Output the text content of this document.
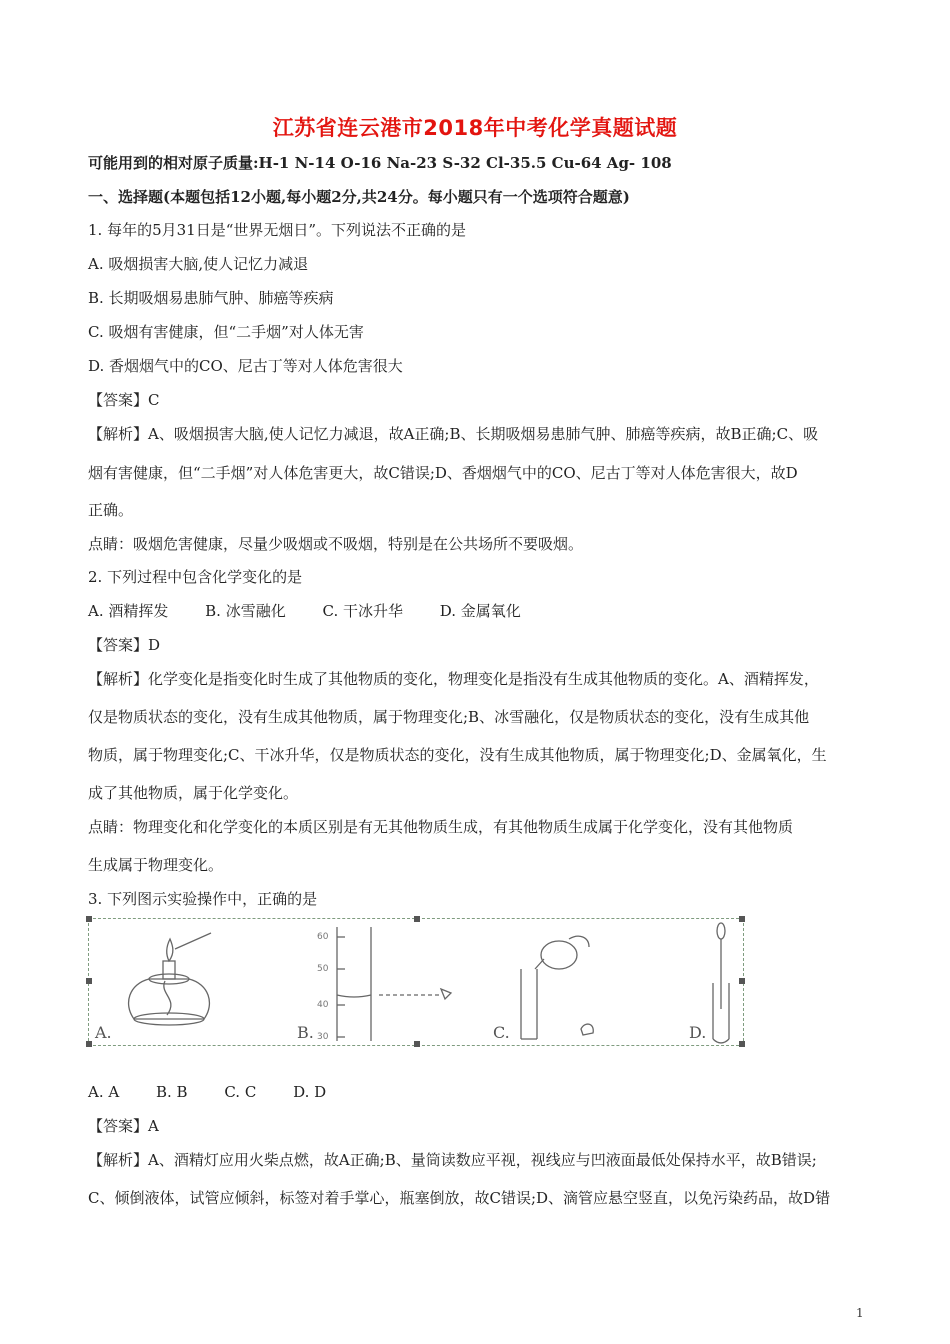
江苏省连云港市2018年中考化学真题试题
可能用到的相对原子质量:H-1 N-14 O-16 Na-23 S-32 Cl-35.5 Cu-64 Ag- 108
一、选择题(本题包括12小题,每小题2分,共24分。每小题只有一个选项符合题意)
1. 每年的5月31日是“世界无烟日”。下列说法不正确的是
A. 吸烟损害大脑,使人记忆力减退
B. 长期吸烟易患肺气肿、肺癌等疾病
C. 吸烟有害健康，但“二手烟”对人体无害
D. 香烟烟气中的CO、尼古丁等对人体危害很大
【答案】C
【解析】A、吸烟损害大脑,使人记忆力减退，故A正确;B、长期吸烟易患肺气肿、肺癌等疾病，故B正确;C、吸
烟有害健康，但“二手烟”对人体危害更大，故C错误;D、香烟烟气中的CO、尼古丁等对人体危害很大，故D
正确。
点睛：吸烟危害健康，尽量少吸烟或不吸烟，特别是在公共场所不要吸烟。
2. 下列过程中包含化学变化的是
A. 酒精挥发 B. 冰雪融化 C. 干冰升华 D. 金属氧化
【答案】D
【解析】化学变化是指变化时生成了其他物质的变化，物理变化是指没有生成其他物质的变化。A、酒精挥发，
仅是物质状态的变化，没有生成其他物质，属于物理变化;B、冰雪融化，仅是物质状态的变化，没有生成其他
物质，属于物理变化;C、干冰升华，仅是物质状态的变化，没有生成其他物质，属于物理变化;D、金属氧化，生
成了其他物质，属于化学变化。
点睛：物理变化和化学变化的本质区别是有无其他物质生成，有其他物质生成属于化学变化，没有其他物质
生成属于物理变化。
3. 下列图示实验操作中，正确的是
60
50
40
30
A.	B.	C.	D.
A. A B. B C. C D. D
【答案】A
【解析】A、酒精灯应用火柴点燃，故A正确;B、量筒读数应平视，视线应与凹液面最低处保持水平，故B错误;
C、倾倒液体，试管应倾斜，标签对着手掌心，瓶塞倒放，故C错误;D、滴管应悬空竖直，以免污染药品，故D错
1
